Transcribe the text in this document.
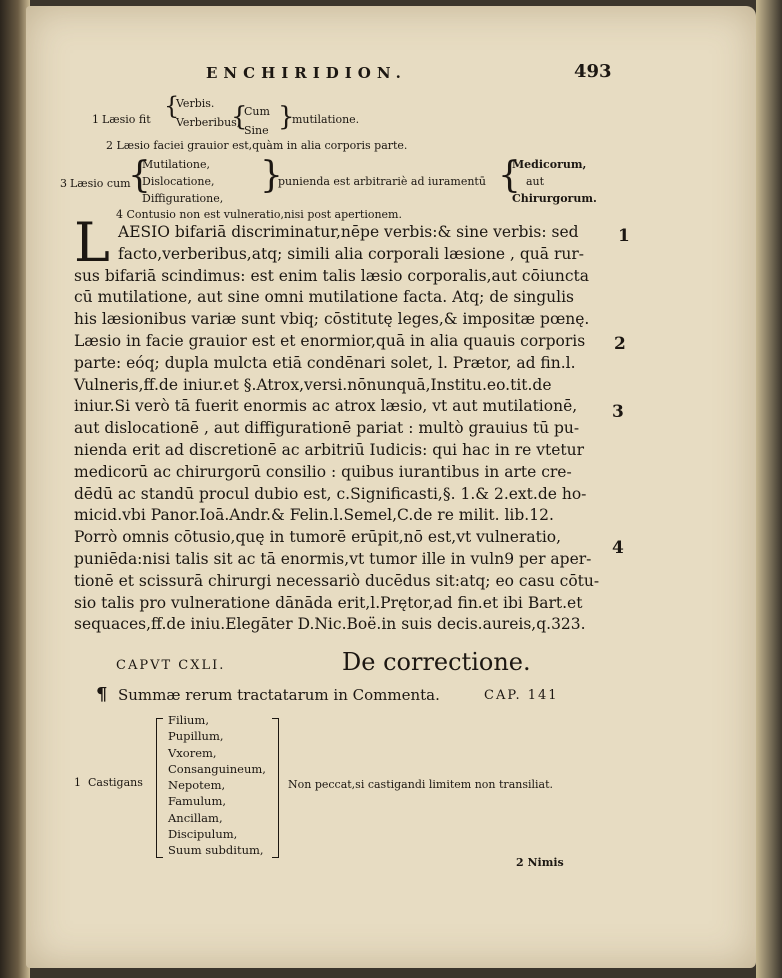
ENCHIRIDION.	493
1 Læsio fit {
Verbis.
Verberibus,
{
Cum
Sine }
mutilatione.
2 Læsio faciei grauior est,quàm in alia corporis parte.
3 Læsio cum
{
Mutilatione,
Dislocatione,
Diffiguratione,
}
punienda est arbitrariè ad iuramentū {
Medicorum,
aut
Chirurgorum.
4 Contusio non est vulneratio,nisi post apertionem.
L AESIO bifariā discriminatur,nēpe verbis:& sine verbis: sed
facto,verberibus,atq; simili alia corporali læsione , quā rur-
sus bifariā scindimus: est enim talis læsio corporalis,aut cōiuncta
cū mutilatione, aut sine omni mutilatione facta. Atq; de singulis
his læsionibus variæ sunt vbiq; cōstitutę leges,& impositæ pœnę.
Læsio in facie grauior est et enormior,quā in alia quauis corporis
parte: eóq; dupla mulcta etiā condēnari solet, l. Prætor, ad fin.l.
Vulneris,ff.de iniur.et §.Atrox,versi.nōnunquā,Institu.eo.tit.de
iniur.Si verò tā fuerit enormis ac atrox læsio, vt aut mutilationē,
aut dislocationē , aut diffigurationē pariat : multò grauius tū pu-
nienda erit ad discretionē ac arbitriū Iudicis: qui hac in re vtetur
medicorū ac chirurgorū consilio : quibus iurantibus in arte cre-
dēdū ac standū procul dubio est, c.Significasti,§. 1.& 2.ext.de ho-
micid.vbi Panor.Ioā.Andr.& Felin.l.Semel,C.de re milit. lib.12.
Porrò omnis cōtusio,quę in tumorē erūpit,nō est,vt vulneratio,
puniēda:nisi talis sit ac tā enormis,vt tumor ille in vuln9 per aper-
tionē et scissurā chirurgi necessariò ducēdus sit:atq; eo casu cōtu-
sio talis pro vulneratione dānāda erit,l.Prętor,ad fin.et ibi Bart.et
sequaces,ff.de iniu.Elegāter D.Nic.Boë.in suis decis.aureis,q.323.
1
2
3
4
CAPVT CXLI.	De correctione.
¶ Summæ rerum tractatarum in Commenta.	CAP. 141
1 Castigans
Filium,
Pupillum,
Vxorem,
Consanguineum,
Nepotem,
Famulum,
Ancillam,
Discipulum,
Suum subditum,
Non peccat,si castigandi limitem non transiliat.
2 Nimis
